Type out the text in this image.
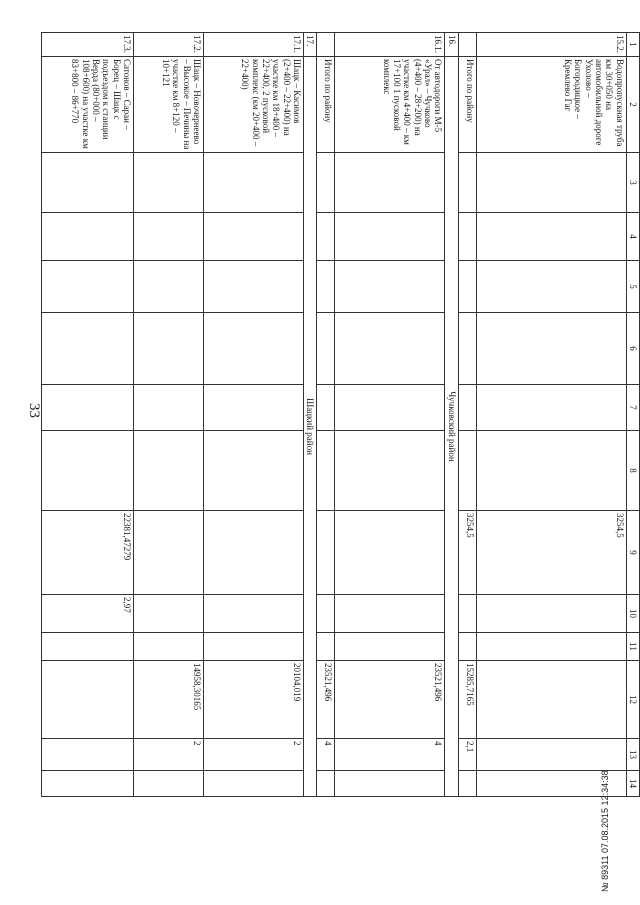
33
1	2	3	4	5	6	7	8	9	10	11	12	13	14
15.2.	Водопропускная труба км 30+050 на автомобильной дороге Ухолово – Богородицкое – Кремлево Гаг							3254,5					
	Итого по району							3254,5			15285,7165	2,1	
16.	Чучковский район												
16.1.	От автодороги М-5 «Урал» – Чучково (4+400 – 28+200) на участке км 4+400 – км 17+100 1 пусковой комплекс										23521,496	4	
	Итого по району										23521,496	4	
17.	Шацкий район												
17.1.	Шацк – Касимов (2+400 – 22+400) на участке км 18+400 – 22+400, 2 пусковой комплекс (км 20+400 – 22+400)										20104,019	2	
17.2.	Шацк – Новочернеево – Высокое – Печины на участке км 8+120 – 10+121										14958,30165	2	
17.3.	Сатонов – Сараи – Борец – Шацк с подъездом к станции Верда (80+000 – 108+600) на участке км 83+800 – 86+770							22381,47279	2,97				
№ 89311 07.08.2015 12:34:38
